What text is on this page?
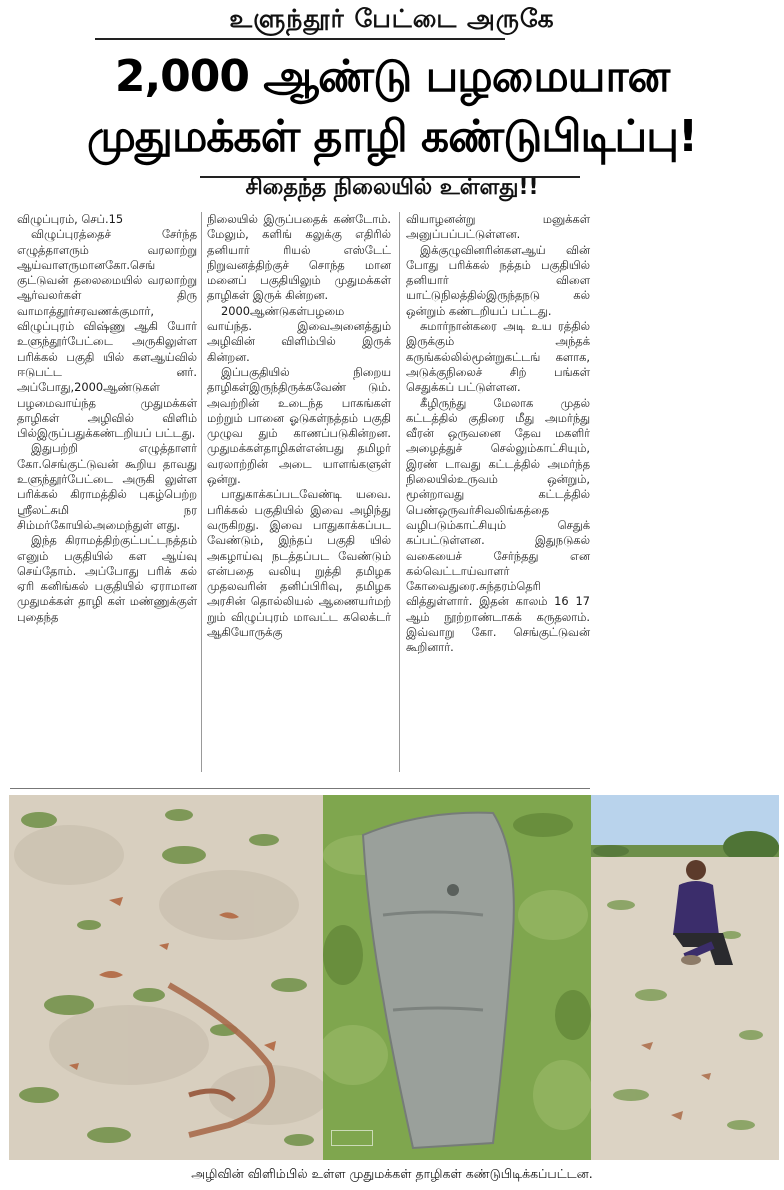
உளுந்தூர் பேட்டை அருகே
2,000 ஆண்டு பழமையான
முதுமக்கள் தாழி கண்டுபிடிப்பு!
சிதைந்த நிலையில் உள்ளது!!

விழுப்புரம், செப்.15

விழுப்புரத்தைச் சேர்ந்த எழுத்தாளரும் வரலாற்று ஆய்வாளருமானகோ.செங் குட்டுவன் தலைமையில் வரலாற்று ஆர்வலர்கள் திரு வாமாத்தூர்சரவணக்குமார், விழுப்புரம் விஷ்ணு ஆகி யோர் உளுந்தூர்பேட்டை அருகிலுள்ள பரிக்கல் பகுதி யில் களஆய்வில் ஈடுபட்ட னர். அப்போது,2000ஆண்டுகள் பழமைவாய்ந்த முதுமக்கள் தாழிகள் அழிவில் விளிம் பில்இருப்பதுக்கண்டறியப் பட்டது.

இதுபற்றி எழுத்தாளர் கோ.செங்குட்டுவன் கூறிய தாவது உளுந்தூர்பேட்டை அருகி லுள்ள பரிக்கல் கிராமத்தில் புகழ்பெற்ற ஸ்ரீலட்சுமி நர சிம்மர்கோயில்அமைந்துள் ளது.

இந்த கிராமத்திற்குட்பட்டநத்தம் எனும் பகுதியில் கள ஆய்வு செய்தோம். அப்போது பரிக் கல் ஏரி கனிங்கல் பகுதியில் ஏராமான முதுமக்கள் தாழி கள் மண்ணுக்குள் புதைந்த

நிலையில் இருப்பதைக் கண்டோம். மேலும், களிங் கலுக்கு எதிரில் தனியார் ரியல் எஸ்டேட் நிறுவனத்திற்குச் சொந்த மான மனைப் பகுதியிலும் முதுமக்கள் தாழிகள் இருக் கின்றன.

2000ஆண்டுகள்பழமை வாய்ந்த. இவைஅனைத்தும் அழிவின் விளிம்பில் இருக் கின்றன.

இப்பகுதியில் நிறைய தாழிகள்இருந்திருக்கவேண் டும். அவற்றின் உடைந்த பாகங்கள் மற்றும் பானை ஓடுகள்நத்தம் பகுதி முழுவ தும் காணப்படுகின்றன. முதுமக்கள்தாழிகள்என்பது தமிழர் வரலாற்றின் அடை யாளங்களுள் ஒன்று.

பாதுகாக்கப்படவேண்டி யவை. பரிக்கல் பகுதியில் இவை அழிந்து வருகிறது. இவை பாதுகாக்கப்பட வேண்டும், இந்தப் பகுதி யில் அகழாய்வு நடத்தப்பட வேண்டும் என்பதை வலியு றுத்தி தமிழக முதலவரின் தனிப்பிரிவு, தமிழக அரசின் தொல்லியல் ஆணையர்மற் றும் விழுப்புரம் மாவட்ட கலெக்டர் ஆகியோருக்கு

வியாழனன்று மனுக்கள் அனுப்பப்பட்டுள்ளன.

இக்குழுவினரின்களஆய் வின் போது பரிக்கல் நத்தம் பகுதியில் தனியார் விளை யாட்டுநிலத்தில்இருந்தநடு கல் ஒன்றும் கண்டறியப் பட்டது.

சுமார்நான்கரை அடி உய ரத்தில் இருக்கும் அந்தக் கருங்கல்லில்மூன்றுகட்டங் களாக, அடுக்குநிலைச் சிற் பங்கள் செதுக்கப் பட்டுள்ளன.

கீழிருந்து மேலாக முதல் கட்டத்தில் குதிரை மீது அமர்ந்து வீரன் ஒருவனை தேவ மகளிர் அழைத்துச் செல்லும்காட்சியும், இரண் டாவது கட்டத்தில் அமர்ந்த நிலையில்உருவம் ஒன்றும், மூன்றாவது கட்டத்தில் பெண்ஒருவர்சிவலிங்கத்தை வழிபடும்காட்சியும் செதுக் கப்பட்டுள்ளன. இதுநடுகல் வகையைச் சேர்ந்தது என கல்வெட்டாய்வாளர் கோவைதுரை.சுந்தரம்தெரி வித்துள்ளார். இதன் காலம் 16 17 ஆம் நூற்றாண்டாகக் கருதலாம். இவ்வாறு கோ. செங்குட்டுவன் கூறினார்.

அழிவின் விளிம்பில் உள்ள முதுமக்கள் தாழிகள் கண்டுபிடிக்கப்பட்டன.
